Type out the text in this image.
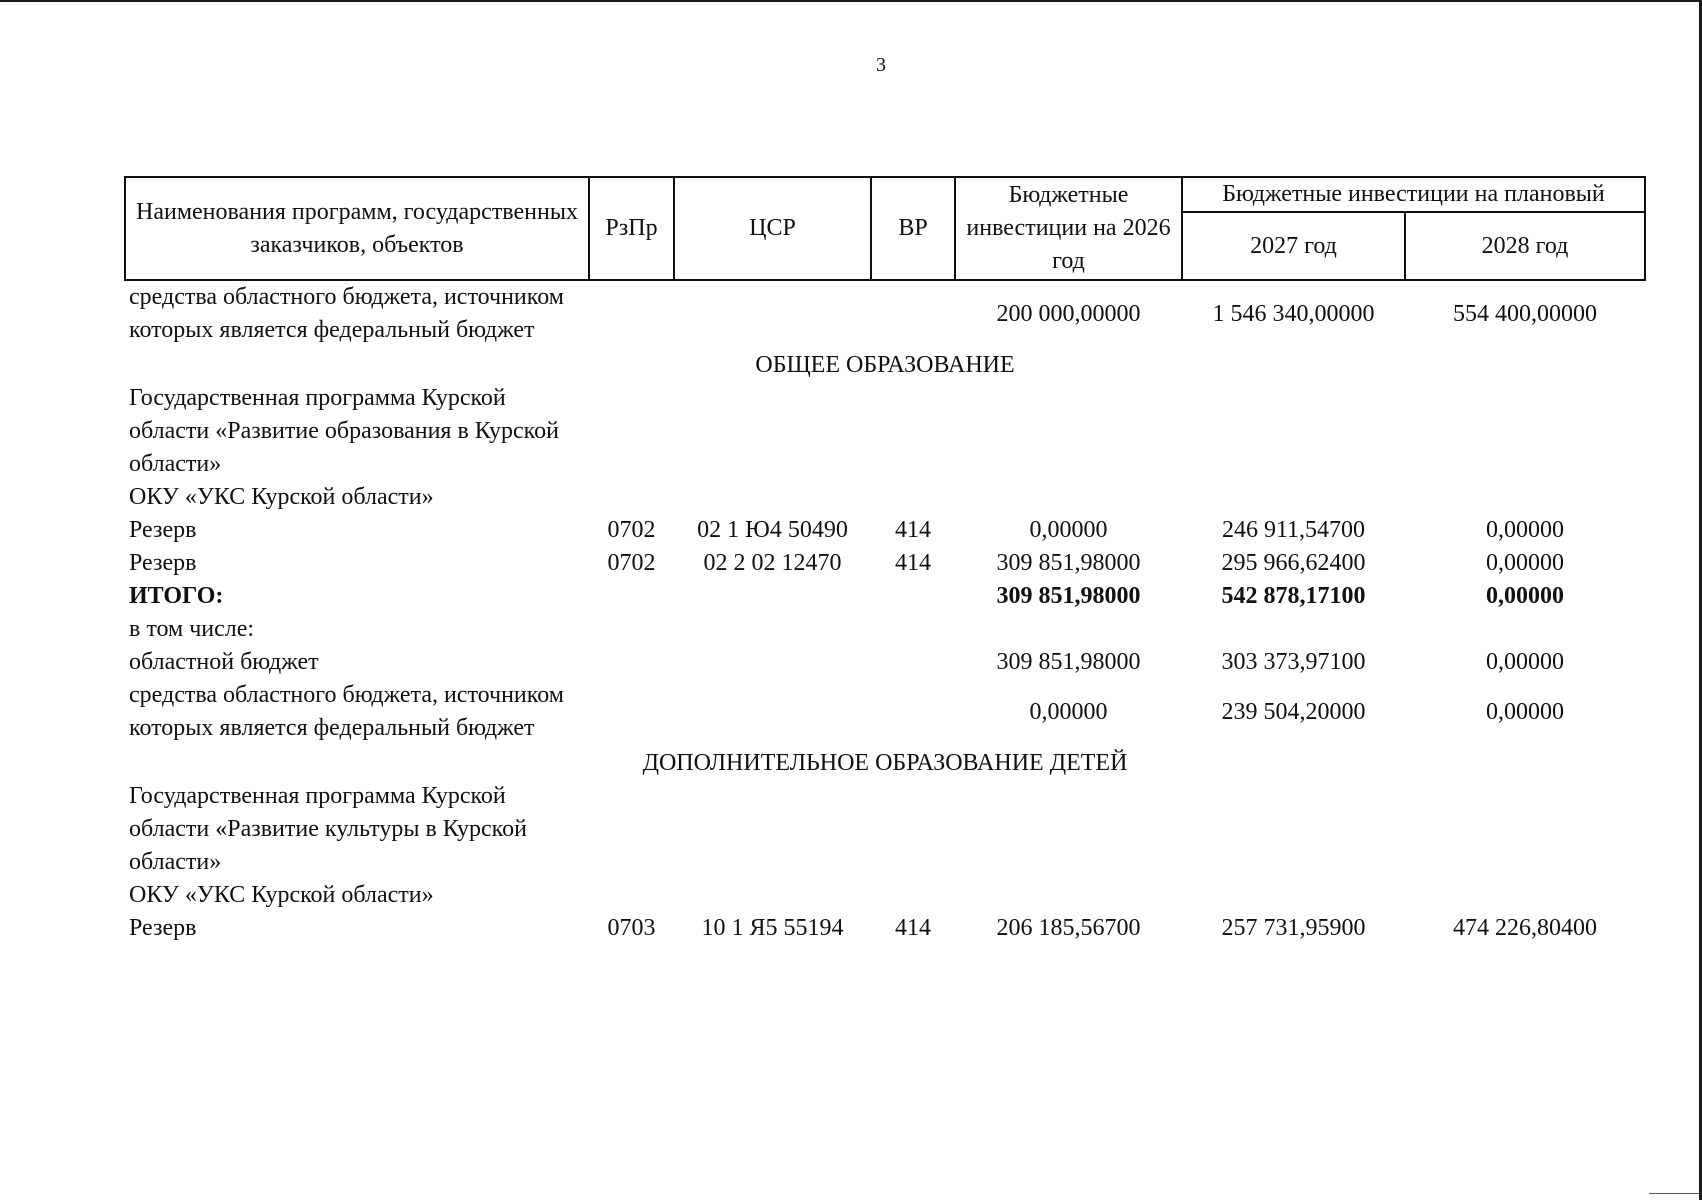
3
Наименования программ, государственных заказчиков, объектов	РзПр	ЦСР	ВР	Бюджетные инвестиции на 2026 год	Бюджетные инвестиции на плановый	
					2027 год	2028 год
средства областного бюджета, источником которых является федеральный бюджет				200 000,00000	1 546 340,00000	554 400,00000
ОБЩЕЕ ОБРАЗОВАНИЕ						
Государственная программа Курской области «Развитие образования в Курской области»						
ОКУ «УКС Курской области»						
Резерв	0702	02 1 Ю4 50490	414	0,00000	246 911,54700	0,00000
Резерв	0702	02 2 02 12470	414	309 851,98000	295 966,62400	0,00000
ИТОГО:				309 851,98000	542 878,17100	0,00000
в том числе:						
областной бюджет				309 851,98000	303 373,97100	0,00000
средства областного бюджета, источником которых является федеральный бюджет				0,00000	239 504,20000	0,00000
ДОПОЛНИТЕЛЬНОЕ ОБРАЗОВАНИЕ ДЕТЕЙ						
Государственная программа Курской области «Развитие культуры в Курской области»						
ОКУ «УКС Курской области»						
Резерв	0703	10 1 Я5 55194	414	206 185,56700	257 731,95900	474 226,80400
